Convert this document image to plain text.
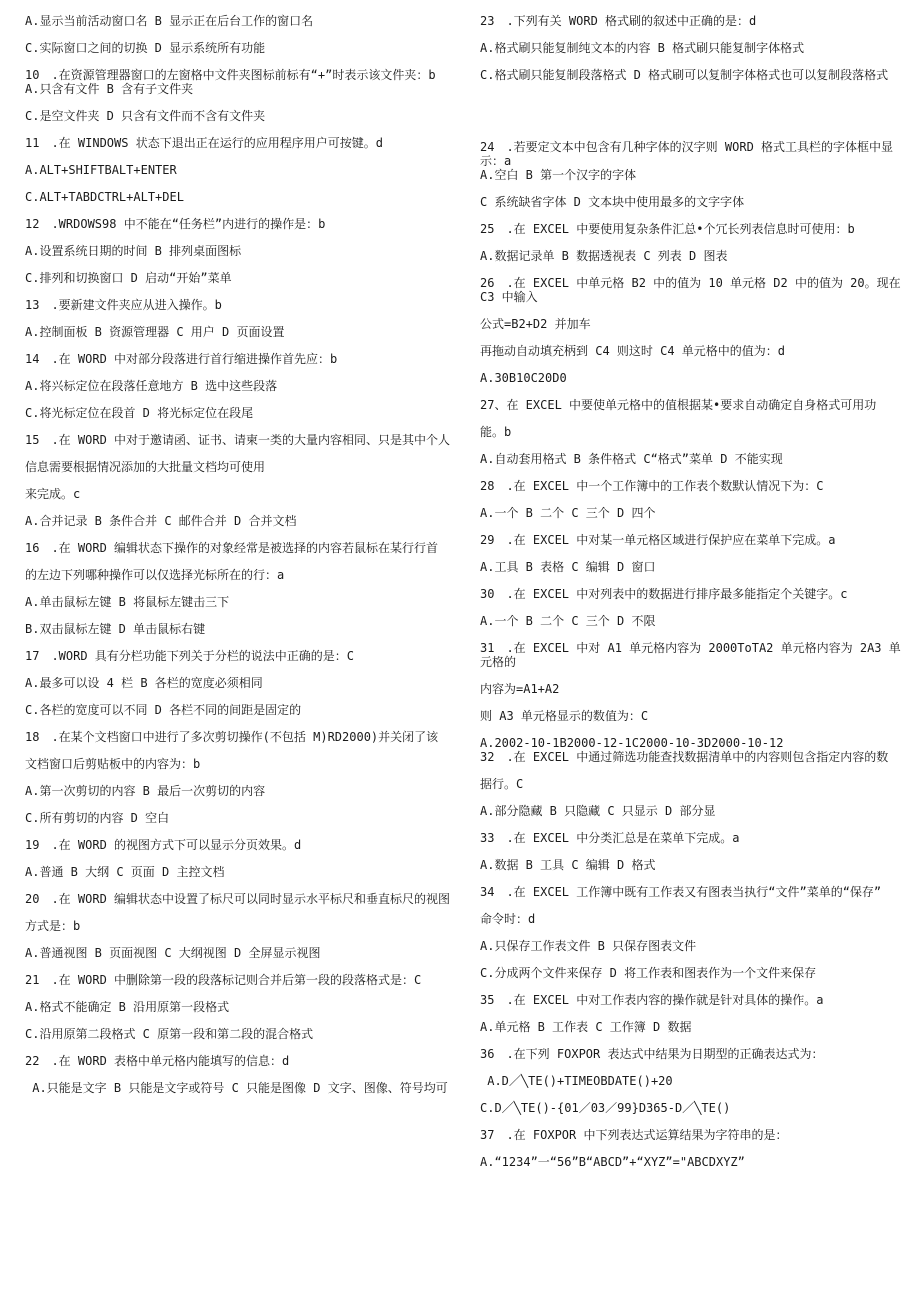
A.显示当前活动窗口名 B 显示正在后台工作的窗口名
C.实际窗口之间的切换 D 显示系统所有功能
10　.在资源管理器窗口的左窗格中文件夹图标前标有“+”时表示该文件夹：b
A.只含有文件 B 含有子文件夹
C.是空文件夹 D 只含有文件而不含有文件夹
11　.在 WINDOWS 状态下退出正在运行的应用程序用户可按键。d
A.ALT+SHIFTBALT+ENTER
C.ALT+TABDCTRL+ALT+DEL
12　.WRDOWS98 中不能在“任务栏”内进行的操作是：b
A.设置系统日期的时间 B 排列桌面图标
C.排列和切换窗口 D 启动“开始”菜单
13　.要新建文件夹应从进入操作。b
A.控制面板 B 资源管理器 C 用户 D 页面设置
14　.在 WORD 中对部分段落进行首行缩进操作首先应：b
A.将兴标定位在段落任意地方 B 选中这些段落
C.将光标定位在段首 D 将光标定位在段尾
15　.在 WORD 中对于邀请函、证书、请柬一类的大量内容相同、只是其中个人
信息需要根据情况添加的大批量文档均可使用
来完成。c
A.合并记录 B 条件合并 C 邮件合并 D 合并文档
16　.在 WORD 编辑状态下操作的对象经常是被选择的内容若鼠标在某行行首
的左边下列哪种操作可以仅选择光标所在的行：a
A.单击鼠标左键 B 将鼠标左键击三下
B.双击鼠标左键 D 单击鼠标右键
17　.WORD 具有分栏功能下列关于分栏的说法中正确的是：C
A.最多可以设 4 栏 B 各栏的宽度必须相同
C.各栏的宽度可以不同 D 各栏不同的间距是固定的
18　.在某个文档窗口中进行了多次剪切操作(不包括 M)RD2000)并关闭了该
文档窗口后剪贴板中的内容为：b
A.第一次剪切的内容 B 最后一次剪切的内容
C.所有剪切的内容 D 空白
19　.在 WORD 的视图方式下可以显示分页效果。d
A.普通 B 大纲 C 页面 D 主控文档
20　.在 WORD 编辑状态中设置了标尺可以同时显示水平标尺和垂直标尺的视图
方式是：b
A.普通视图 B 页面视图 C 大纲视图 D 全屏显示视图
21　.在 WORD 中删除第一段的段落标记则合并后第一段的段落格式是：C
A.格式不能确定 B 沿用原第一段格式
C.沿用原第二段格式 C 原第一段和第二段的混合格式
22　.在 WORD 表格中单元格内能填写的信息：d
A.只能是文字 B 只能是文字或符号 C 只能是图像 D 文字、图像、符号均可
23　.下列有关 WORD 格式刷的叙述中正确的是：d
A.格式刷只能复制纯文本的内容 B 格式刷只能复制字体格式
C.格式刷只能复制段落格式 D 格式刷可以复制字体格式也可以复制段落格式
24　.若要定文本中包含有几种字体的汉字则 WORD 格式工具栏的字体框中显示：a
A.空白 B 第一个汉字的字体
C 系统缺省字体 D 文本块中使用最多的文字字体
25　.在 EXCEL 中要使用复杂条件汇总•个冗长列表信息时可使用：b
A.数据记录单 B 数据透视表 C 列表 D 图表
26　.在 EXCEL 中单元格 B2 中的值为 10 单元格 D2 中的值为 20。现在 C3 中输入
公式=B2+D2 并加车
再拖动自动填充柄到 C4 则这时 C4 单元格中的值为：d
A.30B10C20D0
27、在 EXCEL 中要使单元格中的值根据某•要求自动确定自身格式可用功
能。b
A.自动套用格式 B 条件格式 C“格式”菜单 D 不能实现
28　.在 EXCEL 中一个工作簿中的工作表个数默认情况下为：C
A.一个 B 二个 C 三个 D 四个
29　.在 EXCEL 中对某一单元格区域进行保护应在菜单下完成。a
A.工具 B 表格 C 编辑 D 窗口
30　.在 EXCEL 中对列表中的数据进行排序最多能指定个关键字。c
A.一个 B 二个 C 三个 D 不限
31　.在 EXCEL 中对 A1 单元格内容为 2000ToTA2 单元格内容为 2A3 单元格的
内容为=A1+A2
则 A3 单元格显示的数值为：C
A.2002-10-1B2000-12-1C2000-10-3D2000-10-12
32　.在 EXCEL 中通过筛选功能查找数据清单中的内容则包含指定内容的数
据行。C
A.部分隐藏 B 只隐藏 C 只显示 D 部分显
33　.在 EXCEL 中分类汇总是在菜单下完成。a
A.数据 B 工具 C 编辑 D 格式
34　.在 EXCEL 工作簿中既有工作表又有图表当执行“文件”菜单的“保存”
命令时：d
A.只保存工作表文件 B 只保存图表文件
C.分成两个文件来保存 D 将工作表和图表作为一个文件来保存
35　.在 EXCEL 中对工作表内容的操作就是针对具体的操作。a
A.单元格 B 工作表 C 工作簿 D 数据
36　.在下列 FOXPOR 表达式中结果为日期型的正确表达式为：
A.D／╲TE()+TIMEOBDATE()+20
C.D／╲TE()-{01／03／99}D365-D／╲TE()
37　.在 FOXPOR 中下列表达式运算结果为字符串的是：
A.“1234”一“56”B“ABCD”+“XYZ”="ABCDXYZ”
